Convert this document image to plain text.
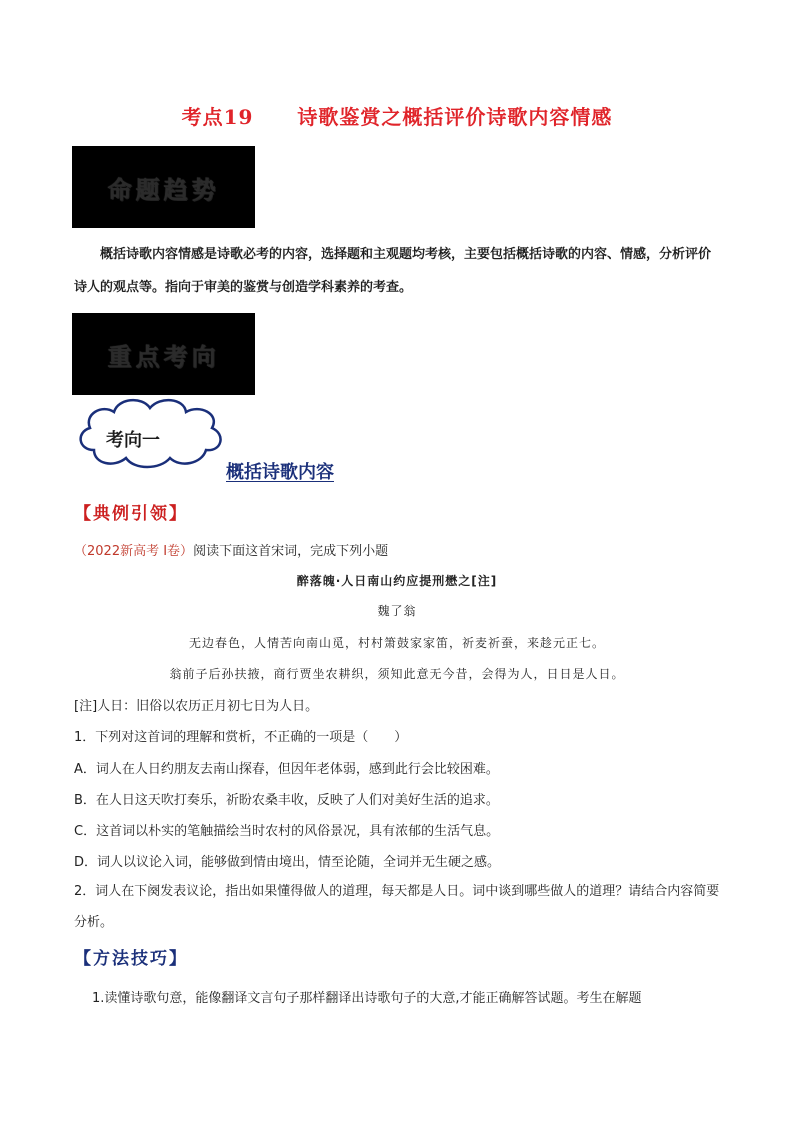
考点19 诗歌鉴赏之概括评价诗歌内容情感
命题趋势
概括诗歌内容情感是诗歌必考的内容，选择题和主观题均考核，主要包括概括诗歌的内容、情感，分析评价诗人的观点等。指向于审美的鉴赏与创造学科素养的考查。
重点考向
考向一
概括诗歌内容
【典例引领】
（2022新高考 I卷）阅读下面这首宋词，完成下列小题
醉落魄·人日南山约应提刑懋之[注]
魏了翁
无边春色，人情苦向南山觅，村村箫鼓家家笛，祈麦祈蚕，来趁元正七。
翁前子后孙扶掖，商行贾坐农耕织，须知此意无今昔，会得为人，日日是人日。
[注]人日：旧俗以农历正月初七日为人日。
1．下列对这首词的理解和赏析，不正确的一项是（　　）
A．词人在人日约朋友去南山探春，但因年老体弱，感到此行会比较困难。
B．在人日这天吹打奏乐，祈盼农桑丰收，反映了人们对美好生活的追求。
C．这首词以朴实的笔触描绘当时农村的风俗景况，具有浓郁的生活气息。
D．词人以议论入词，能够做到情由境出，情至论随，全词并无生硬之感。
2．词人在下阕发表议论，指出如果懂得做人的道理，每天都是人日。词中谈到哪些做人的道理？请结合内容简要分析。
【方法技巧】
1.读懂诗歌句意，能像翻译文言句子那样翻译出诗歌句子的大意,才能正确解答试题。考生在解题
